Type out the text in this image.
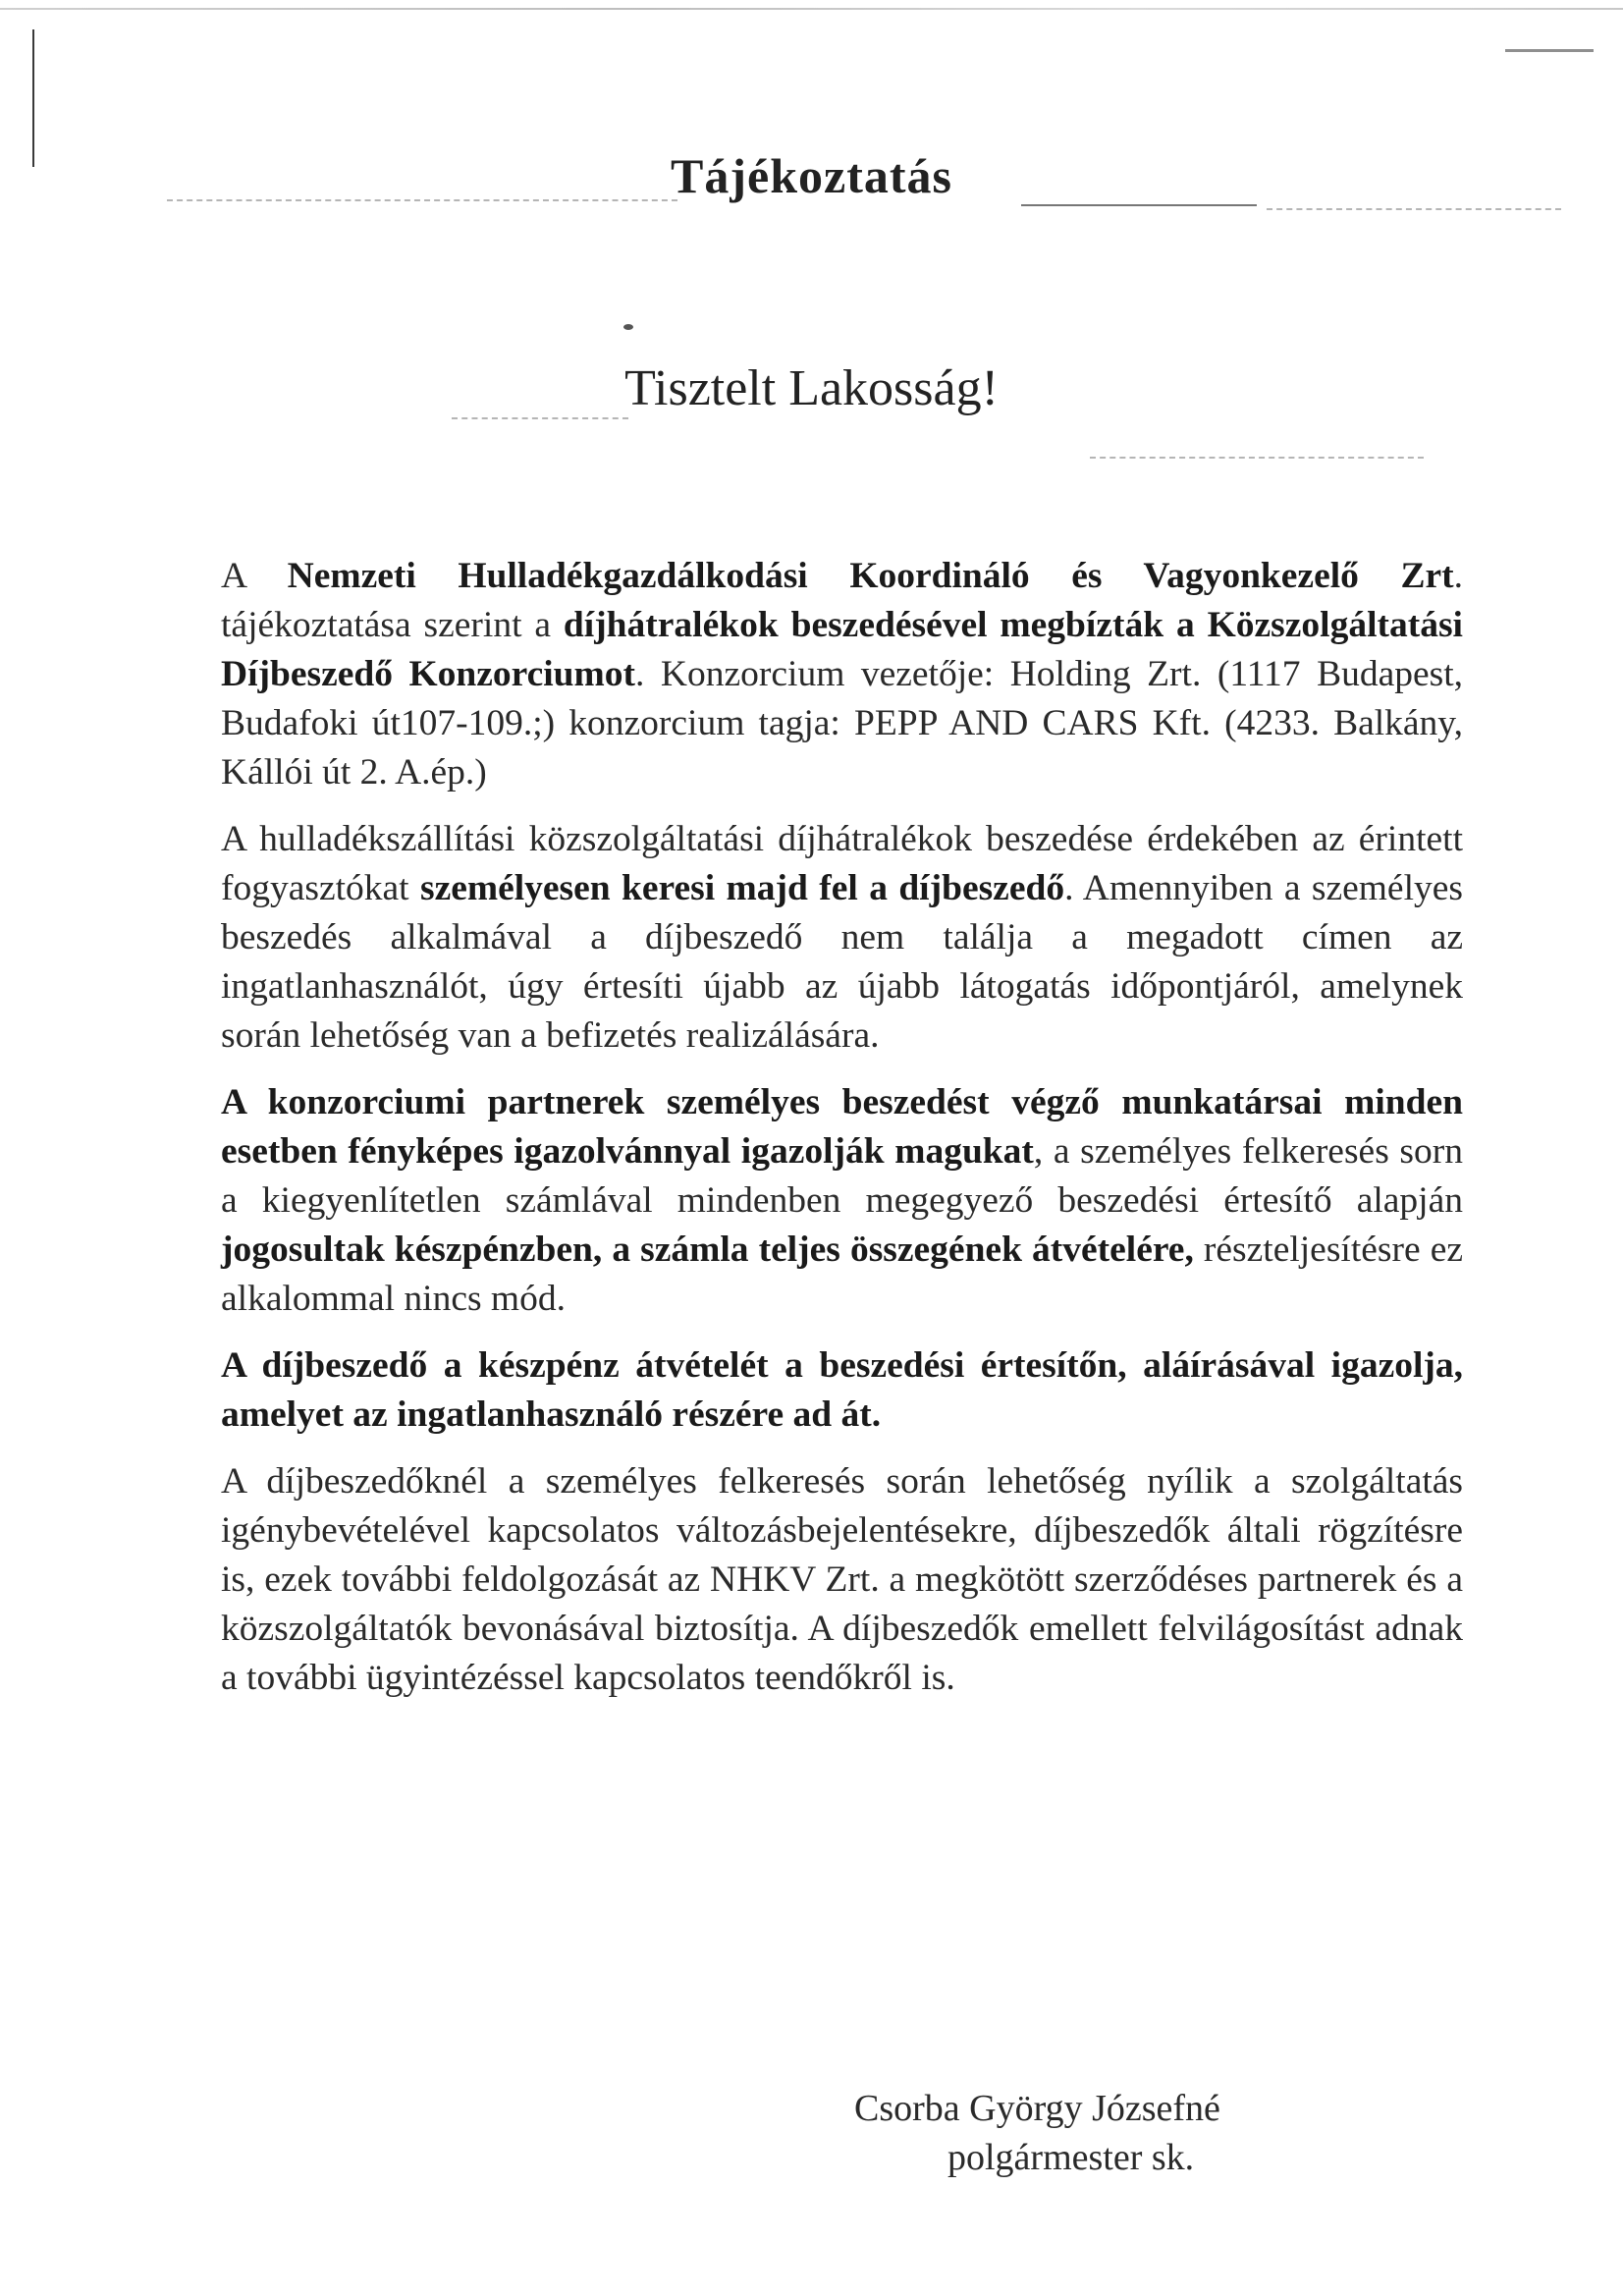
Tájékoztatás
Tisztelt Lakosság!

A Nemzeti Hulladékgazdálkodási Koordináló és Vagyonkezelő Zrt. tájékoztatása szerint a díjhátralékok beszedésével megbízták a Közszolgáltatási Díjbeszedő Konzorciumot. Konzorcium vezetője: Holding Zrt. (1117 Budapest, Budafoki út107-109.;) konzorcium tagja: PEPP AND CARS Kft. (4233. Balkány, Kállói út 2. A.ép.)

A hulladékszállítási közszolgáltatási díjhátralékok beszedése érdekében az érintett fogyasztókat személyesen keresi majd fel a díjbeszedő. Amennyiben a személyes beszedés alkalmával a díjbeszedő nem találja a megadott címen az ingatlanhasználót, úgy értesíti újabb az újabb látogatás időpontjáról, amelynek során lehetőség van a befizetés realizálására.

A konzorciumi partnerek személyes beszedést végző munkatársai minden esetben fényképes igazolvánnyal igazolják magukat, a személyes felkeresés sorn a kiegyenlítetlen számlával mindenben megegyező beszedési értesítő alapján jogosultak készpénzben, a számla teljes összegének átvételére, részteljesítésre ez alkalommal nincs mód.

A díjbeszedő a készpénz átvételét a beszedési értesítőn, aláírásával igazolja, amelyet az ingatlanhasználó részére ad át.

A díjbeszedőknél a személyes felkeresés során lehetőség nyílik a szolgáltatás igénybevételével kapcsolatos változásbejelentésekre, díjbeszedők általi rögzítésre is, ezek további feldolgozását az NHKV Zrt. a megkötött szerződéses partnerek és a közszolgáltatók bevonásával biztosítja. A díjbeszedők emellett felvilágosítást adnak a további ügyintézéssel kapcsolatos teendőkről is.

Csorba György Józsefné
polgármester sk.
